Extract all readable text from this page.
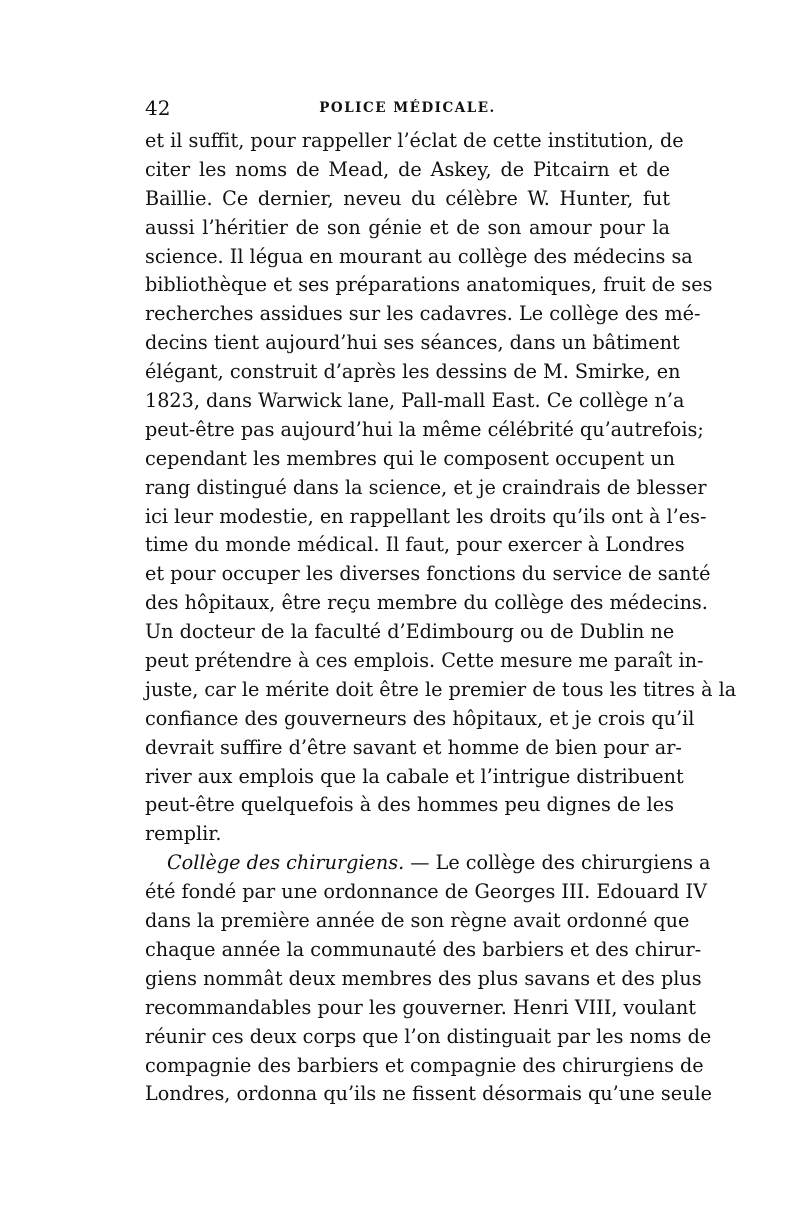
42	POLICE MÉDICALE.
et il suffit, pour rappeller l’éclat de cette institution, de
citer les noms de Mead, de Askey, de Pitcairn et de
Baillie. Ce dernier, neveu du célèbre W. Hunter, fut
aussi l’héritier de son génie et de son amour pour la
science. Il légua en mourant au collège des médecins sa
bibliothèque et ses préparations anatomiques, fruit de ses
recherches assidues sur les cadavres. Le collège des mé-
decins tient aujourd’hui ses séances, dans un bâtiment
élégant, construit d’après les dessins de M. Smirke, en
1823, dans Warwick lane, Pall-mall East. Ce collège n’a
peut-être pas aujourd’hui la même célébrité qu’autrefois;
cependant les membres qui le composent occupent un
rang distingué dans la science, et je craindrais de blesser
ici leur modestie, en rappellant les droits qu’ils ont à l’es-
time du monde médical. Il faut, pour exercer à Londres
et pour occuper les diverses fonctions du service de santé
des hôpitaux, être reçu membre du collège des médecins.
Un docteur de la faculté d’Edimbourg ou de Dublin ne
peut prétendre à ces emplois. Cette mesure me paraît in-
juste, car le mérite doit être le premier de tous les titres à la
confiance des gouverneurs des hôpitaux, et je crois qu’il
devrait suffire d’être savant et homme de bien pour ar-
river aux emplois que la cabale et l’intrigue distribuent
peut-être quelquefois à des hommes peu dignes de les
remplir.
Collège des chirurgiens. — Le collège des chirurgiens a
été fondé par une ordonnance de Georges III. Edouard IV
dans la première année de son règne avait ordonné que
chaque année la communauté des barbiers et des chirur-
giens nommât deux membres des plus savans et des plus
recommandables pour les gouverner. Henri VIII, voulant
réunir ces deux corps que l’on distinguait par les noms de
compagnie des barbiers et compagnie des chirurgiens de
Londres, ordonna qu’ils ne fissent désormais qu’une seule
